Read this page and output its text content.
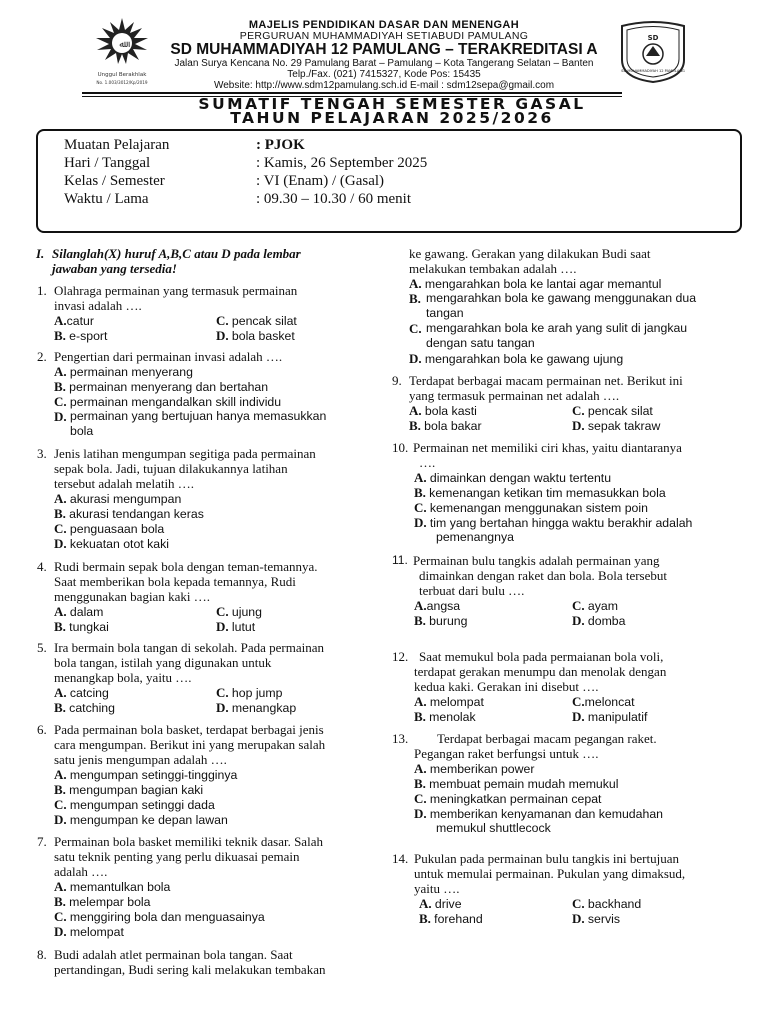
ﷲ
Unggul Berakhlak
No. 1.003/3012/Kp/2019
SD
SD MUHAMMADIYAH 12 PAMULANG
MAJELIS PENDIDIKAN DASAR DAN MENENGAH
PERGURUAN MUHAMMADIYAH SETIABUDI PAMULANG
SD MUHAMMADIYAH 12 PAMULANG – TERAKREDITASI A
Jalan Surya Kencana No. 29 Pamulang Barat – Pamulang – Kota Tangerang Selatan – Banten
Telp./Fax. (021) 7415327, Kode Pos: 15435
Website: http://www.sdm12pamulang.sch.id E-mail : sdm12sepa@gmail.com
SUMATIF TENGAH SEMESTER GASAL
TAHUN PELAJARAN 2025/2026
Muatan Pelajaran	: PJOK
Hari / Tanggal	: Kamis, 26 September 2025
Kelas / Semester	: VI (Enam) / (Gasal)
Waktu / Lama	: 09.30 – 10.30 / 60 menit
I. Silanglah(X) huruf A,B,C atau D pada lembar
jawaban yang tersedia!
1. Olahraga permainan yang termasuk permainan
invasi adalah ….
A.catur
B. e-sport
C. pencak silat
D. bola basket
2. Pengertian dari permainan invasi adalah ….
A. permainan menyerang
B. permainan menyerang dan bertahan
C. permainan mengandalkan skill individu
D. permainan yang bertujuan hanya memasukkan
bola
3. Jenis latihan mengumpan segitiga pada permainan
sepak bola. Jadi, tujuan dilakukannya latihan
tersebut adalah melatih ….
A. akurasi mengumpan
B. akurasi tendangan keras
C. penguasaan bola
D. kekuatan otot kaki
4. Rudi bermain sepak bola dengan teman-temannya.
Saat memberikan bola kepada temannya, Rudi
menggunakan bagian kaki ….
A. dalam
B. tungkai
C. ujung
D. lutut
5. Ira bermain bola tangan di sekolah. Pada permainan
bola tangan, istilah yang digunakan untuk
menangkap bola, yaitu ….
A. catcing
B. catching
C. hop jump
D. menangkap
6. Pada permainan bola basket, terdapat berbagai jenis
cara mengumpan. Berikut ini yang merupakan salah
satu jenis mengumpan adalah ….
A. mengumpan setinggi-tingginya
B. mengumpan bagian kaki
C. mengumpan setinggi dada
D. mengumpan ke depan lawan
7. Permainan bola basket memiliki teknik dasar. Salah
satu teknik penting yang perlu dikuasai pemain
adalah ….
A. memantulkan bola
B. melempar bola
C. menggiring bola dan menguasainya
D. melompat
8. Budi adalah atlet permainan bola tangan. Saat
pertandingan, Budi sering kali melakukan tembakan
ke gawang. Gerakan yang dilakukan Budi saat
melakukan tembakan adalah ….
A. mengarahkan bola ke lantai agar memantul
B. mengarahkan bola ke gawang menggunakan dua
tangan
C. mengarahkan bola ke arah yang sulit di jangkau
dengan satu tangan
D. mengarahkan bola ke gawang ujung
9. Terdapat berbagai macam permainan net. Berikut ini
yang termasuk permainan net adalah ….
A. bola kasti
B. bola bakar
C. pencak silat
D. sepak takraw
10. Permainan net memiliki ciri khas, yaitu diantaranya
….
A. dimainkan dengan waktu tertentu
B. kemenangan ketikan tim memasukkan bola
C. kemenangan menggunakan sistem poin
D. tim yang bertahan hingga waktu berakhir adalah
pemenangnya
11. Permainan bulu tangkis adalah permainan yang
dimainkan dengan raket dan bola. Bola tersebut
terbuat dari bulu ….
A.angsa
B. burung
C. ayam
D. domba
12. Saat memukul bola pada permaianan bola voli,
terdapat gerakan menumpu dan menolak dengan
kedua kaki. Gerakan ini disebut ….
A. melompat
B. menolak
C.meloncat
D. manipulatif
13. Terdapat berbagai macam pegangan raket.
Pegangan raket berfungsi untuk ….
A. memberikan power
B. membuat pemain mudah memukul
C. meningkatkan permainan cepat
D. memberikan kenyamanan dan kemudahan
memukul shuttlecock
14. Pukulan pada permainan bulu tangkis ini bertujuan
untuk memulai permainan. Pukulan yang dimaksud,
yaitu ….
A. drive
B. forehand
C. backhand
D. servis
